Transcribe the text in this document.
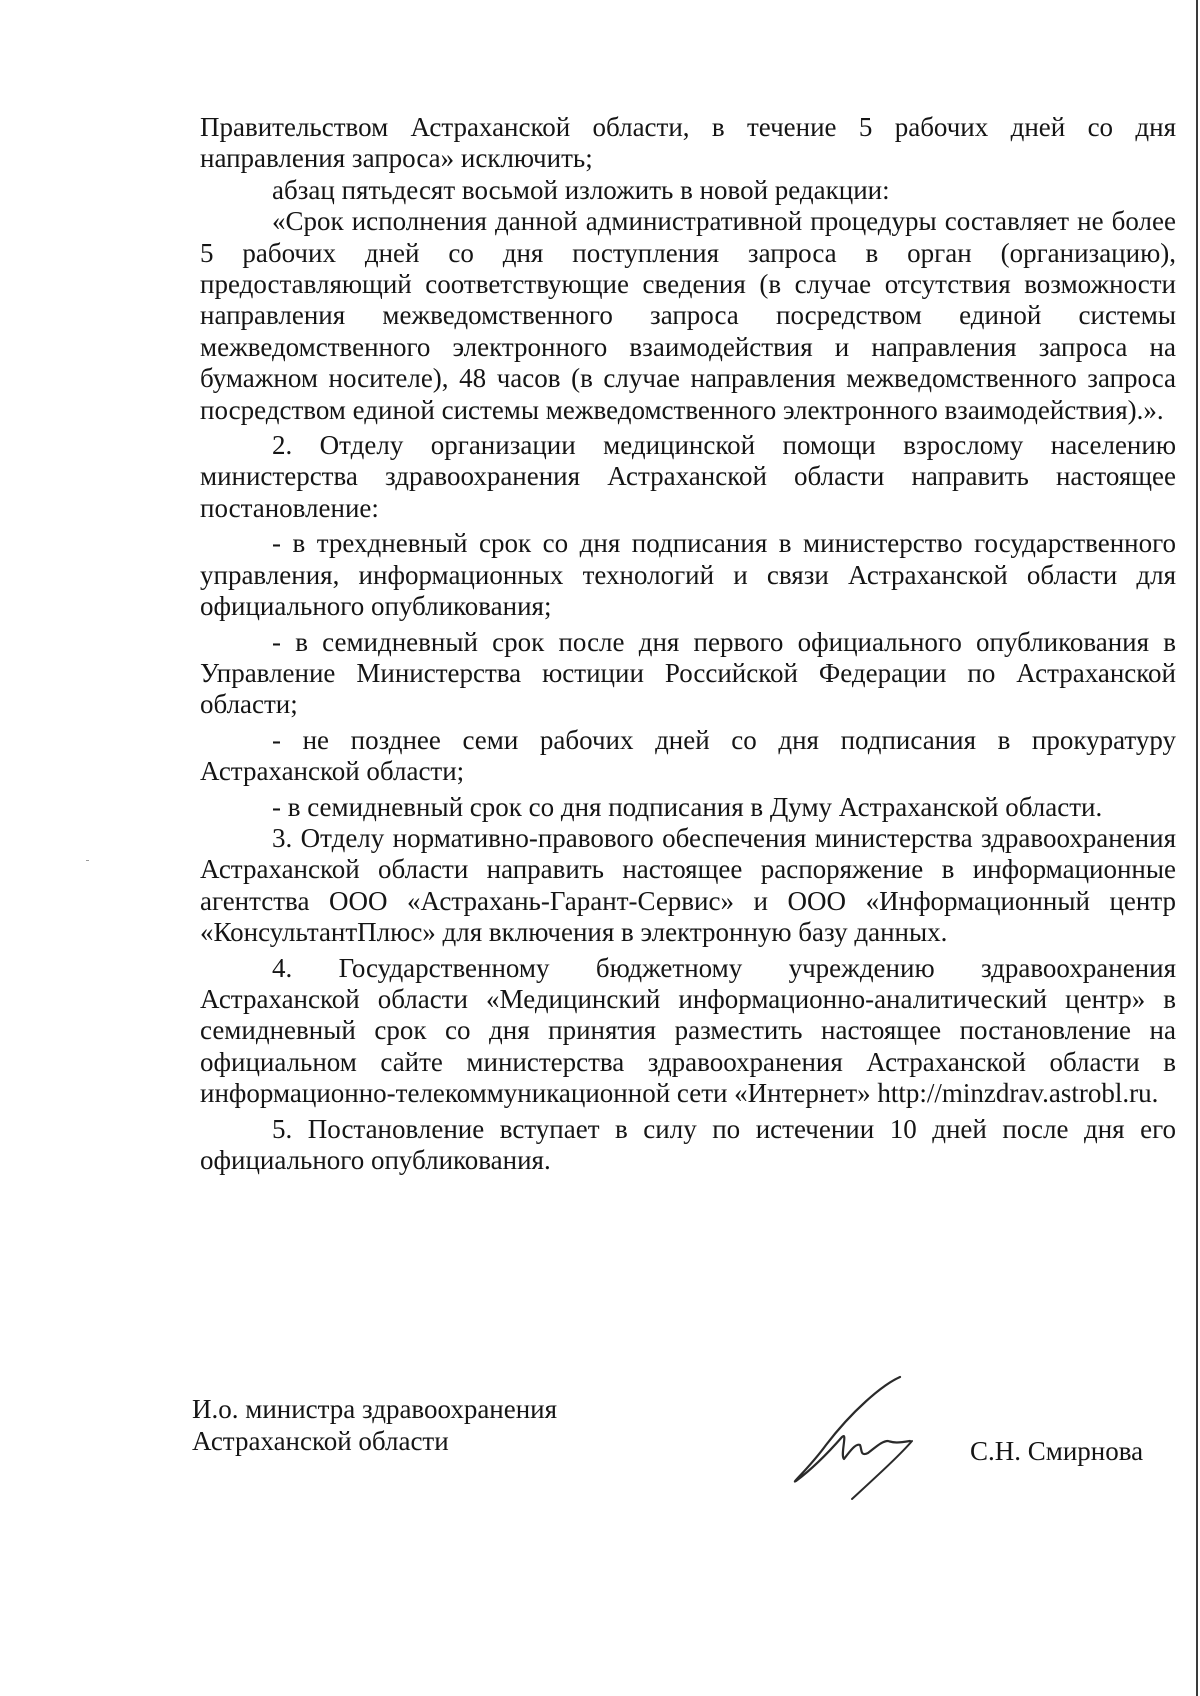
Правительством Астраханской области, в течение 5 рабочих дней со дня направления запроса» исключить;

абзац пятьдесят восьмой изложить в новой редакции:

«Срок исполнения данной административной процедуры составляет не более 5 рабочих дней со дня поступления запроса в орган (организацию), предоставляющий соответствующие сведения (в случае отсутствия возможности направления межведомственного запроса посредством единой системы межведомственного электронного взаимодействия и направления запроса на бумажном носителе), 48 часов (в случае направления межведомственного запроса посредством единой системы межведомственного электронного взаимодействия).».

2. Отделу организации медицинской помощи взрослому населению министерства здравоохранения Астраханской области направить настоящее постановление:

- в трехдневный срок со дня подписания в министерство государственного управления, информационных технологий и связи Астраханской области для официального опубликования;

- в семидневный срок после дня первого официального опубликования в Управление Министерства юстиции Российской Федерации по Астраханской области;

- не позднее семи рабочих дней со дня подписания в прокуратуру Астраханской области;

- в семидневный срок со дня подписания в Думу Астраханской области.

3. Отделу нормативно-правового обеспечения министерства здравоохранения Астраханской области направить настоящее распоряжение в информационные агентства ООО «Астрахань-Гарант-Сервис» и ООО «Информационный центр «КонсультантПлюс» для включения в электронную базу данных.

4. Государственному бюджетному учреждению здравоохранения Астраханской области «Медицинский информационно-аналитический центр» в семидневный срок со дня принятия разместить настоящее постановление на официальном сайте министерства здравоохранения Астраханской области в информационно-телекоммуникационной сети «Интернет» http://minzdrav.astrobl.ru.

5. Постановление вступает в силу по истечении 10 дней после дня его официального опубликования.

И.о. министра здравоохранения
Астраханской области	С.Н. Смирнова
